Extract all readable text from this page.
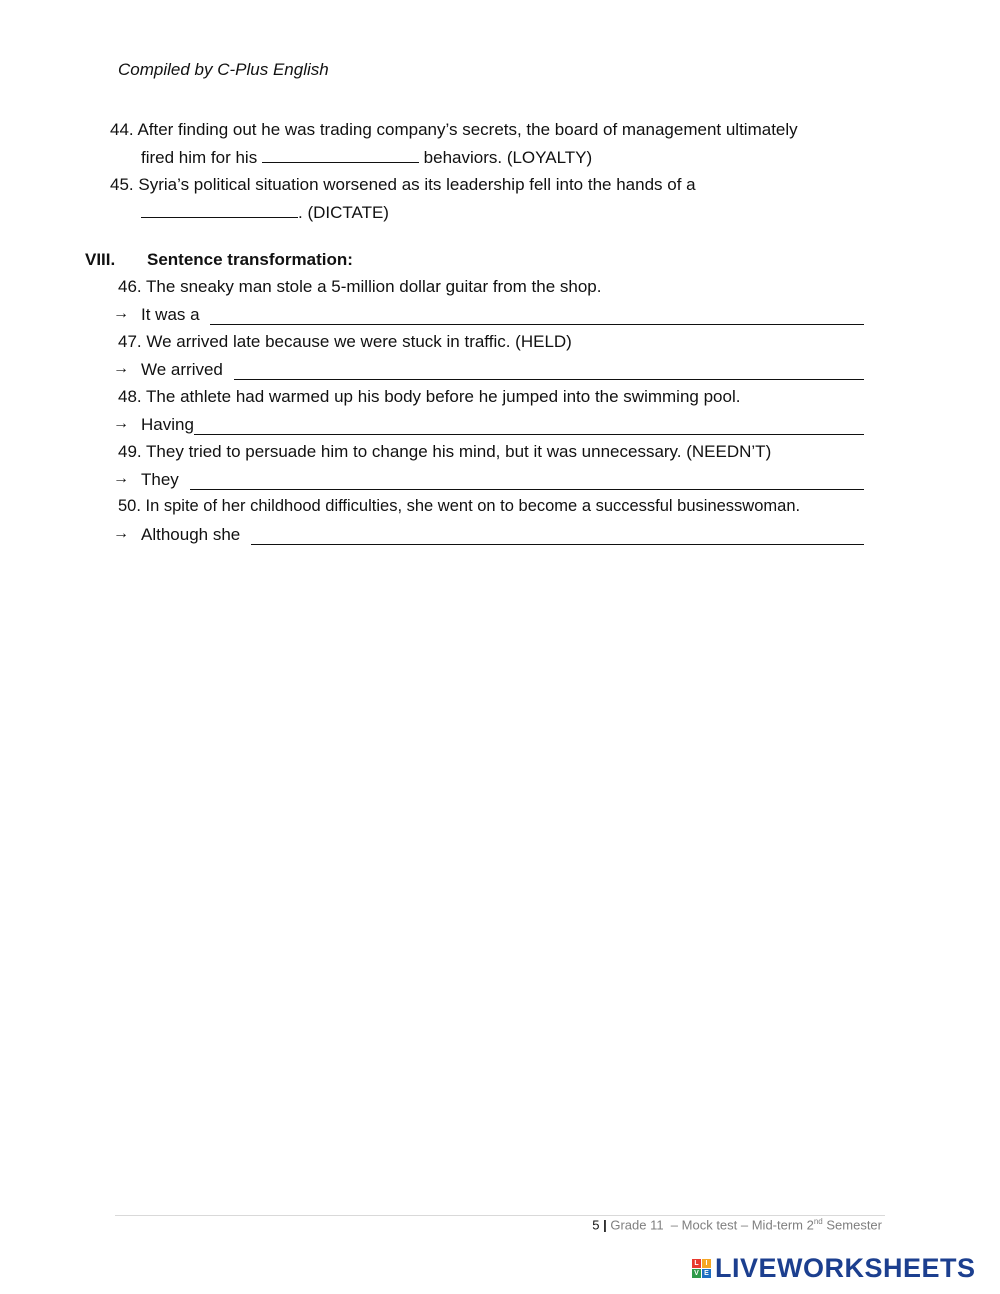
Compiled by C-Plus English
44. After finding out he was trading company’s secrets, the board of management ultimately
fired him for his	behaviors. (LOYALTY)
45. Syria’s political situation worsened as its leadership fell into the hands of a
. (DICTATE)
VIII. Sentence transformation:
46. The sneaky man stole a 5-million dollar guitar from the shop.
→ It was a
47. We arrived late because we were stuck in traffic. (HELD)
→ We arrived
48. The athlete had warmed up his body before he jumped into the swimming pool.
→ Having
49. They tried to persuade him to change his mind, but it was unnecessary. (NEEDN’T)
→ They
50. In spite of her childhood difficulties, she went on to become a successful businesswoman.
→ Although she
5 | Grade 11  – Mock test – Mid-term 2nd Semester
L I
V E LIVEWORKSHEETS
